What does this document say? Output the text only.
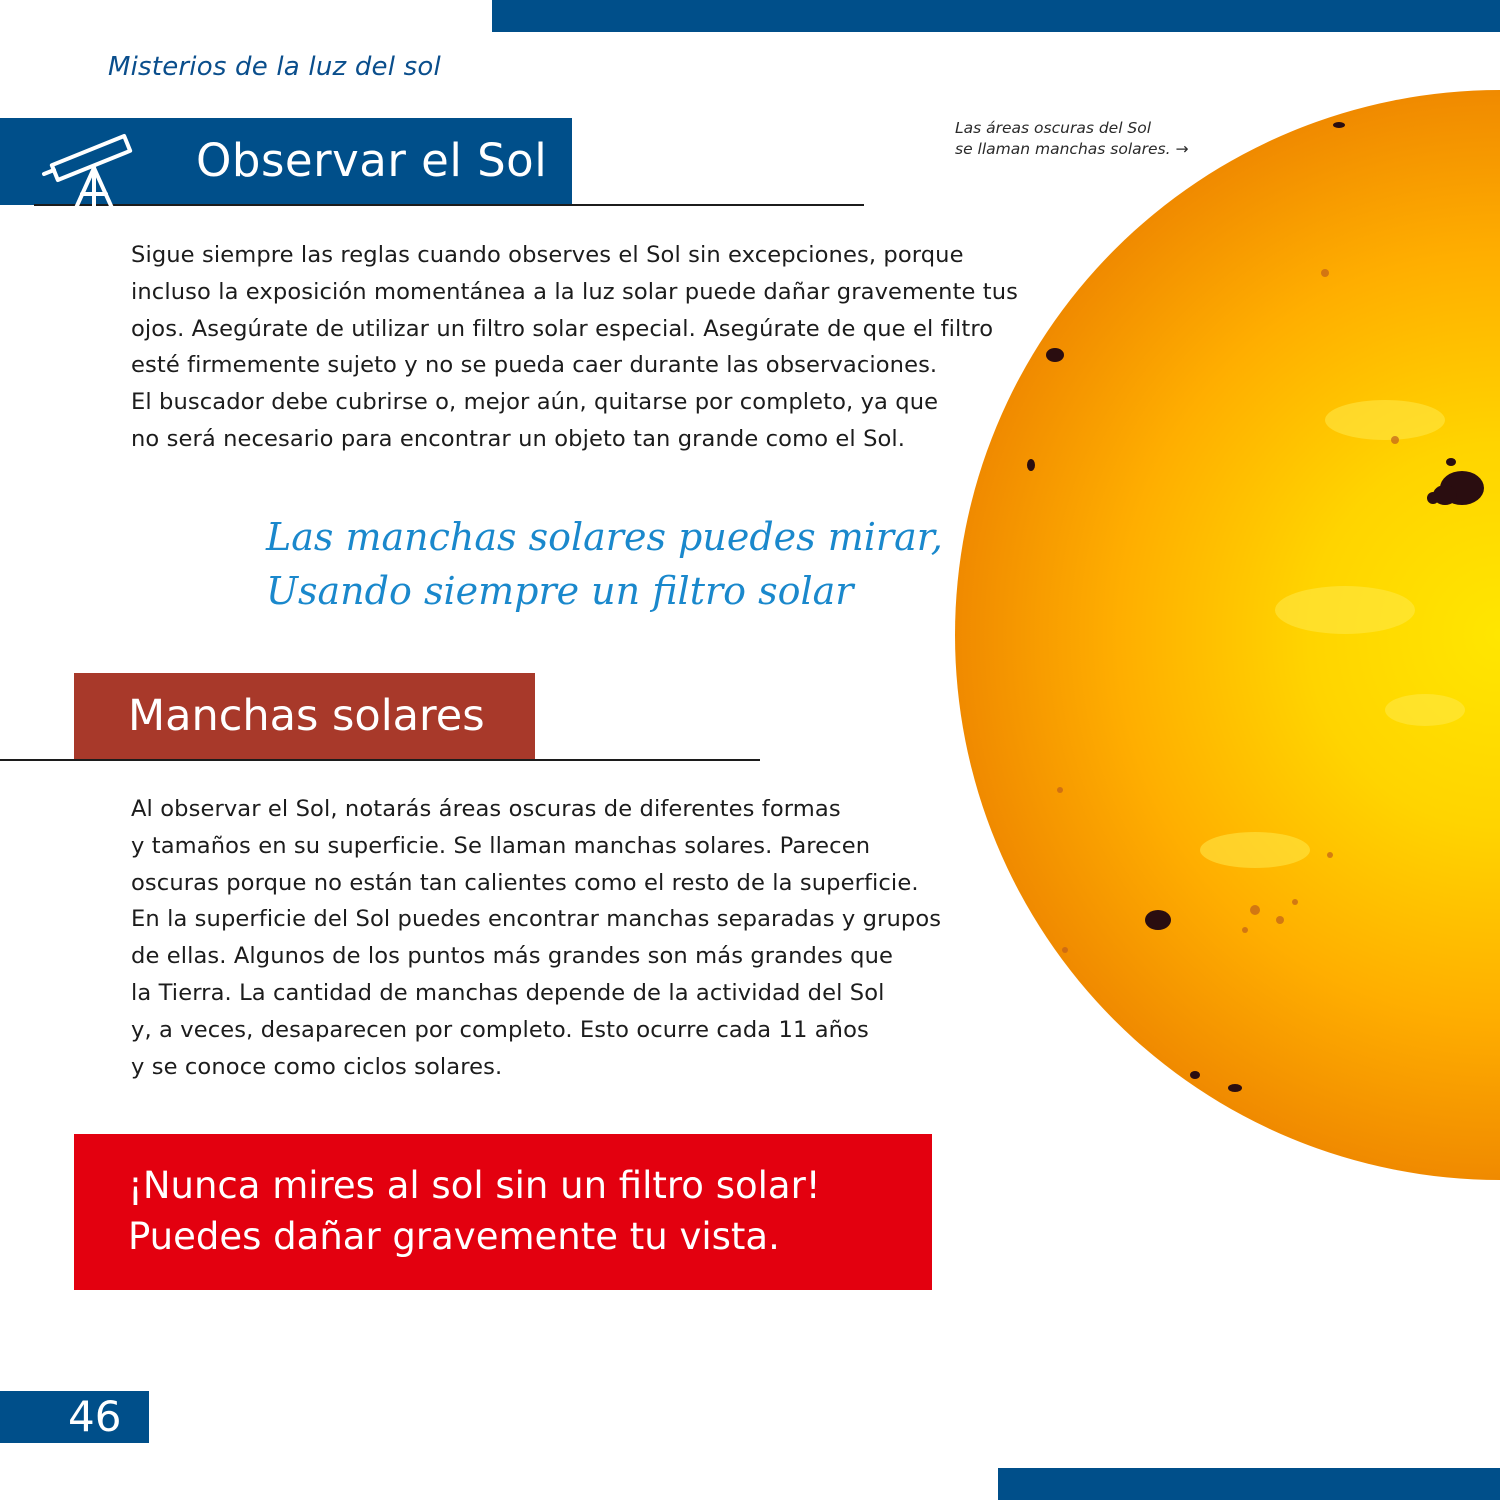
Misterios de la luz del sol
Observar el Sol
Sigue siempre las reglas cuando observes el Sol sin excepciones, porque
incluso la exposición momentánea a la luz solar puede dañar gravemente tus
ojos. Asegúrate de utilizar un filtro solar especial. Asegúrate de que el filtro
esté firmemente sujeto y no se pueda caer durante las observaciones.
El buscador debe cubrirse o, mejor aún, quitarse por completo, ya que
no será necesario para encontrar un objeto tan grande como el Sol.
Las manchas solares puedes mirar,
Usando siempre un filtro solar
Manchas solares
Al observar el Sol, notarás áreas oscuras de diferentes formas
y tamaños en su superficie. Se llaman manchas solares. Parecen
oscuras porque no están tan calientes como el resto de la superficie.
En la superficie del Sol puedes encontrar manchas separadas y grupos
de ellas. Algunos de los puntos más grandes son más grandes que
la Tierra. La cantidad de manchas depende de la actividad del Sol
y, a veces, desaparecen por completo. Esto ocurre cada 11 años
y se conoce como ciclos solares.
¡Nunca mires al sol sin un filtro solar!
Puedes dañar gravemente tu vista.
Las áreas oscuras del Sol
se llaman manchas solares. →
46
